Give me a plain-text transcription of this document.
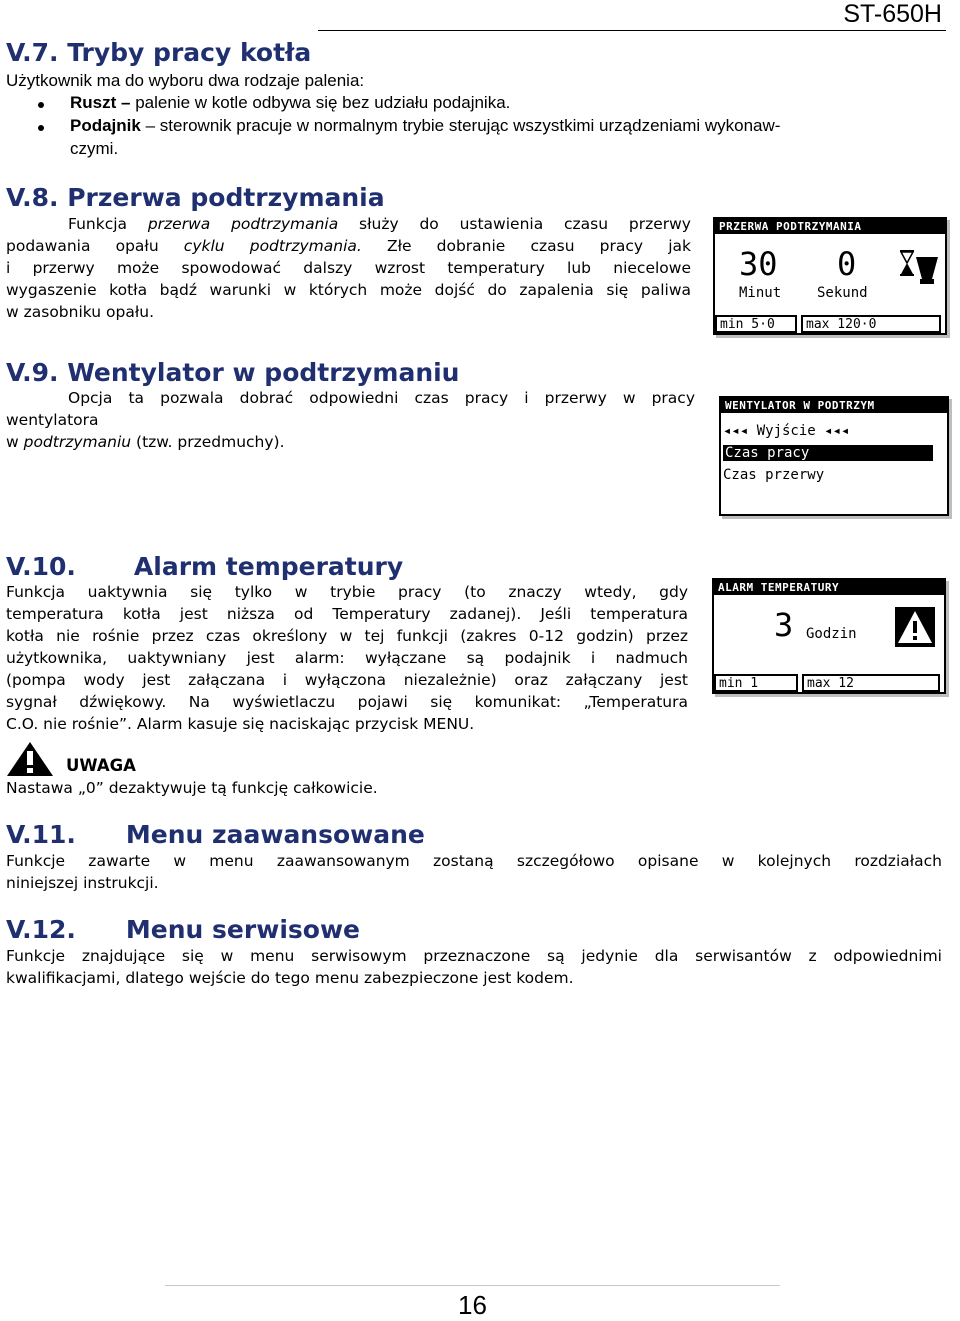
ST-650H
V.7. Tryby pracy kotła
Użytkownik ma do wyboru dwa rodzaje palenia:
Ruszt – palenie w kotle odbywa się bez udziału podajnika.
Podajnik – sterownik pracuje w normalnym trybie sterując wszystkimi urządzeniami wykonaw-
czymi.
V.8. Przerwa podtrzymania
Funkcja przerwa podtrzymania służy do ustawienia czasu przerwy
podawania opału cyklu podtrzymania. Złe dobranie czasu pracy jak
i przerwy może spowodować dalszy wzrost temperatury lub niecelowe
wygaszenie kotła bądź warunki w których może dojść do zapalenia się paliwa
w zasobniku opału.
PRZERWA PODTRZYMANIA
30 0
Minut	Sekund
min 5·0	max 120·0
V.9. Wentylator w podtrzymaniu
Opcja ta pozwala dobrać odpowiedni czas pracy i przerwy w pracy
wentylatora
w podtrzymaniu (tzw. przedmuchy).
WENTYLATOR W PODTRZYM
◂◂◂ Wyjście ◂◂◂
Czas pracy
Czas przerwy
V.10. Alarm temperatury
Funkcja uaktywnia się tylko w trybie pracy (to znaczy wtedy, gdy
temperatura kotła jest niższa od Temperatury zadanej). Jeśli temperatura
kotła nie rośnie przez czas określony w tej funkcji (zakres 0-12 godzin) przez
użytkownika, uaktywniany jest alarm: wyłączane są podajnik i nadmuch
(pompa wody jest załączana i wyłączona niezależnie) oraz załączany jest
sygnał dźwiękowy. Na wyświetlaczu pojawi się komunikat: „Temperatura
C.O. nie rośnie”. Alarm kasuje się naciskając przycisk MENU.
ALARM TEMPERATURY
3 Godzin
min 1	max 12
UWAGA
Nastawa „0” dezaktywuje tą funkcję całkowicie.
V.11. Menu zaawansowane
Funkcje zawarte w menu zaawansowanym zostaną szczegółowo opisane w kolejnych rozdziałach
niniejszej instrukcji.
V.12. Menu serwisowe
Funkcje znajdujące się w menu serwisowym przeznaczone są jedynie dla serwisantów z odpowiednimi
kwalifikacjami, dlatego wejście do tego menu zabezpieczone jest kodem.
16
